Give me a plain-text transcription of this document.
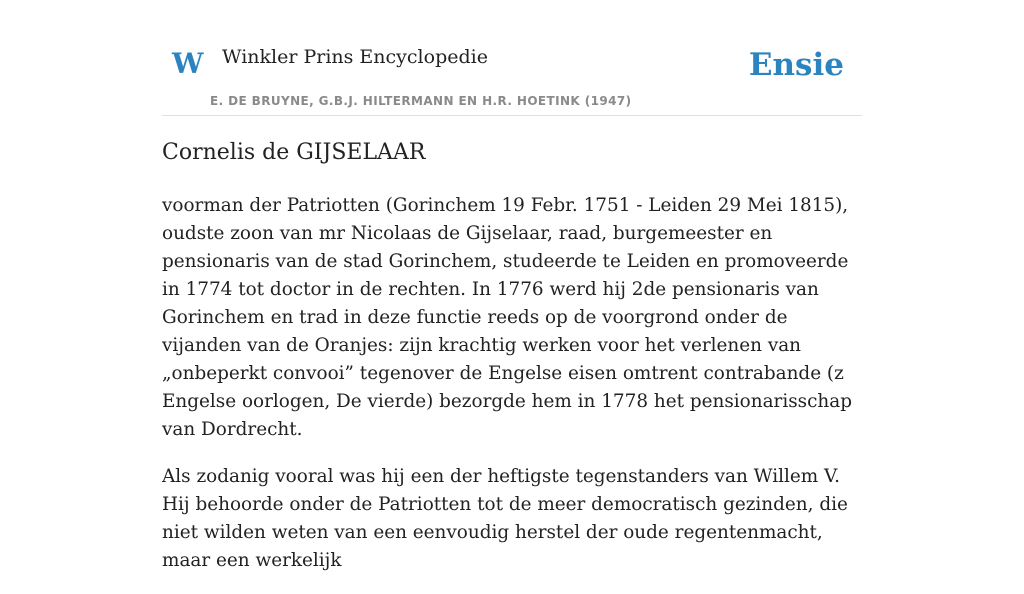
W Winkler Prins Encyclopedie
E. DE BRUYNE, G.B.J. HILTERMANN EN H.R. HOETINK (1947)
Ensie
Cornelis de GIJSELAAR

voorman der Patriotten (Gorinchem 19 Febr. 1751 - Leiden 29 Mei 1815), oudste zoon van mr Nicolaas de Gijselaar, raad, burgemeester en pensionaris van de stad Gorinchem, studeerde te Leiden en promoveerde in 1774 tot doctor in de rechten. In 1776 werd hij 2de pensionaris van Gorinchem en trad in deze functie reeds op de voorgrond onder de vijanden van de Oranjes: zijn krachtig werken voor het verlenen van „onbeperkt convooi” tegenover de Engelse eisen omtrent contrabande (z Engelse oorlogen, De vierde) bezorgde hem in 1778 het pensionarisschap van Dordrecht.

Als zodanig vooral was hij een der heftigste tegenstanders van Willem V. Hij behoorde onder de Patriotten tot de meer democratisch gezinden, die niet wilden weten van een eenvoudig herstel der oude regentenmacht, maar een werkelijk
